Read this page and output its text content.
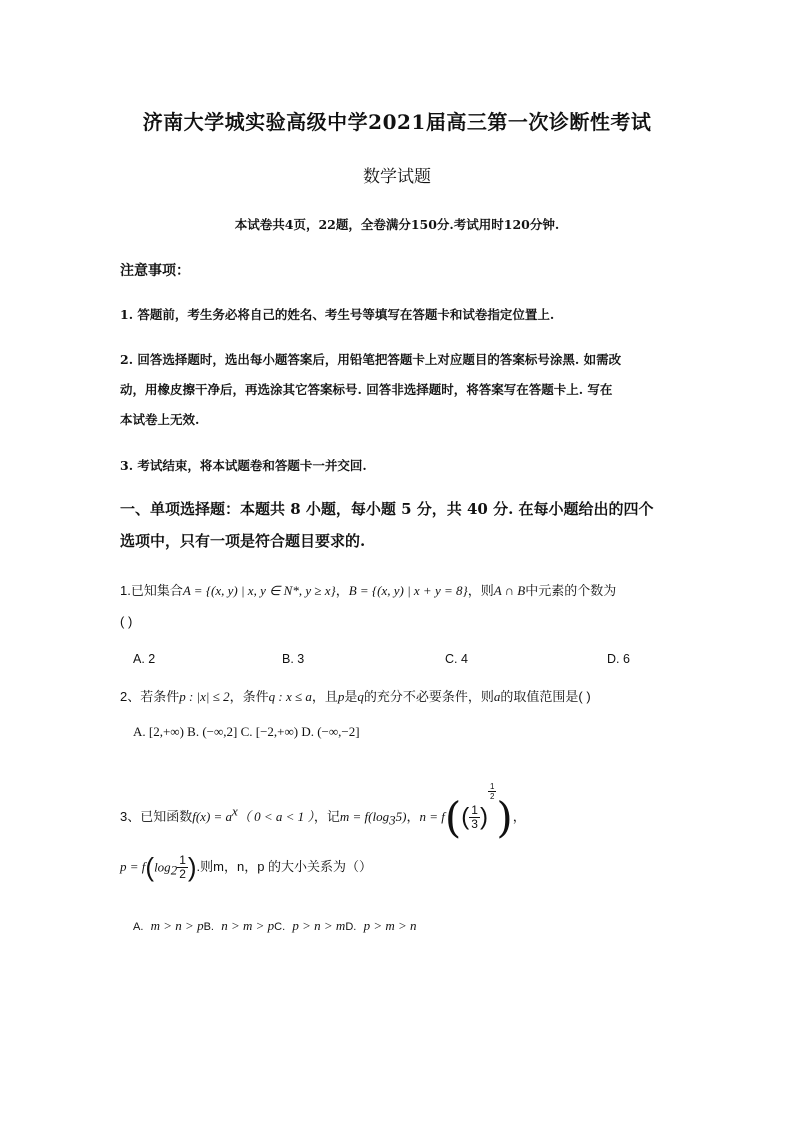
济南大学城实验高级中学2021届高三第一次诊断性考试
数学试题
本试卷共4页，22题，全卷满分150分.考试用时120分钟.
注意事项：
1. 答题前，考生务必将自己的姓名、考生号等填写在答题卡和试卷指定位置上.
2. 回答选择题时，选出每小题答案后，用铅笔把答题卡上对应题目的答案标号涂黑. 如需改
动，用橡皮擦干净后，再选涂其它答案标号. 回答非选择题时，将答案写在答题卡上. 写在
本试卷上无效.
3. 考试结束，将本试题卷和答题卡一并交回.
一、单项选择题：本题共 8 小题，每小题 5 分，共 40 分. 在每小题给出的四个
选项中，只有一项是符合题目要求的.
1.已知集合A = {(x, y) | x, y ∈ N*, y ≥ x}，B = {(x, y) | x + y = 8}，则A ∩ B中元素的个数为
( )
A. 2	B. 3	C. 4	D. 6
2、若条件p : |x| ≤ 2，条件q : x ≤ a，且p是q的充分不必要条件，则a的取值范围是( )
A. [2,+∞) B. (−∞,2] C. [−2,+∞) D. (−∞,−2]
3、已知函数$f(x) = a^x$（ 0 < a < 1 ），记$m = f(\log_35)$，$n = f(( \frac{1}{3}$ )
$\frac{1}{2}$
)，
$p = f(\log_2 \frac{1}{2}$ ).则m，n，p 的大小关系为（）
A. m > n > pB. n > m > pC. p > n > mD. p > m > n
